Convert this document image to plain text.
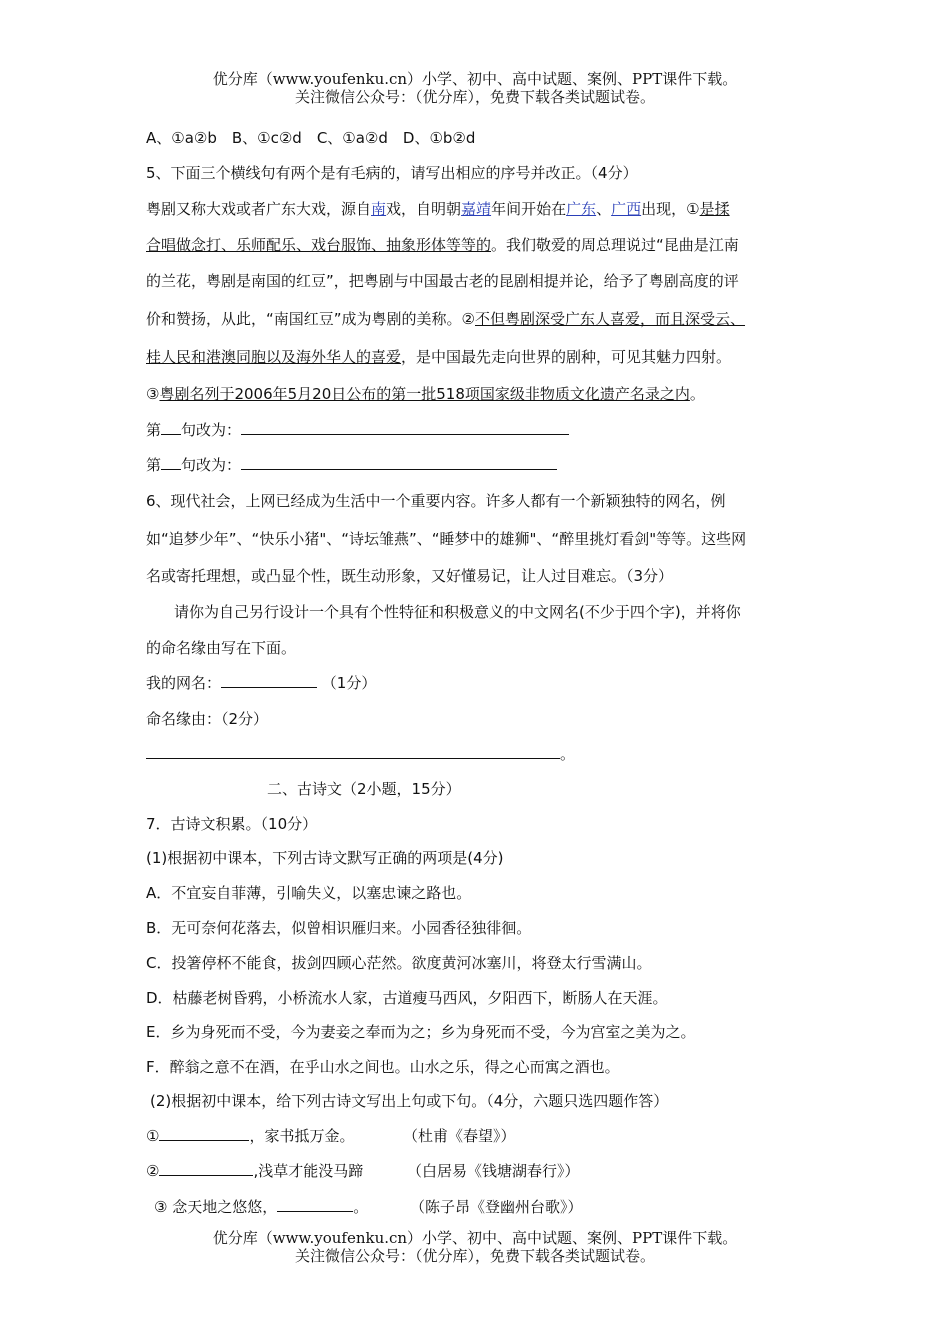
优分库（www.youfenku.cn）小学、初中、高中试题、案例、PPT课件下载。
关注微信公众号：（优分库），免费下载各类试题试卷。
A、①a②b　B、①c②d　C、①a②d　D、①b②d
5、下面三个横线句有两个是有毛病的，请写出相应的序号并改正。（4分）
粤剧又称大戏或者广东大戏，源自南戏，自明朝嘉靖年间开始在广东、广西出现，①是揉
合唱做念打、乐师配乐、戏台服饰、抽象形体等等的。我们敬爱的周总理说过“昆曲是江南
的兰花，粤剧是南国的红豆”，把粤剧与中国最古老的昆剧相提并论，给予了粤剧高度的评
价和赞扬，从此，“南国红豆”成为粤剧的美称。②不但粤剧深受广东人喜爱，而且深受云、
桂人民和港澳同胞以及海外华人的喜爱，是中国最先走向世界的剧种，可见其魅力四射。
③粤剧名列于2006年5月20日公布的第一批518项国家级非物质文化遗产名录之内。
第 句改为：
第 句改为：
6、现代社会，上网已经成为生活中一个重要内容。许多人都有一个新颖独特的网名，例
如“追梦少年”、“快乐小猪"、“诗坛雏燕”、“睡梦中的雄狮"、“醉里挑灯看剑"等等。这些网
名或寄托理想，或凸显个性，既生动形象，又好懂易记，让人过目难忘。（3分）
请你为自己另行设计一个具有个性特征和积极意义的中文网名(不少于四个字)，并将你
的命名缘由写在下面。
我的网名：	（1分）
命名缘由：（2分）
。
二、古诗文（2小题，15分）
7．古诗文积累。（10分）
(1)根据初中课本，下列古诗文默写正确的两项是(4分)
A．不宜妄自菲薄，引喻失义，以塞忠谏之路也。
B．无可奈何花落去，似曾相识雁归来。小园香径独徘徊。
C．投箸停杯不能食，拔剑四顾心茫然。欲度黄河冰塞川，将登太行雪满山。
D．枯藤老树昏鸦，小桥流水人家，古道瘦马西风，夕阳西下，断肠人在天涯。
E．乡为身死而不受，今为妻妾之奉而为之；乡为身死而不受，今为宫室之美为之。
F．醉翁之意不在酒，在乎山水之间也。山水之乐，得之心而寓之酒也。
(2)根据初中课本，给下列古诗文写出上句或下句。（4分，六题只选四题作答）
①	，家书抵万金。	（杜甫《春望》）
②	,浅草才能没马蹄	（白居易《钱塘湖春行》）
③ 念天地之悠悠，	。	（陈子昂《登幽州台歌》）
优分库（www.youfenku.cn）小学、初中、高中试题、案例、PPT课件下载。
关注微信公众号：（优分库），免费下载各类试题试卷。
